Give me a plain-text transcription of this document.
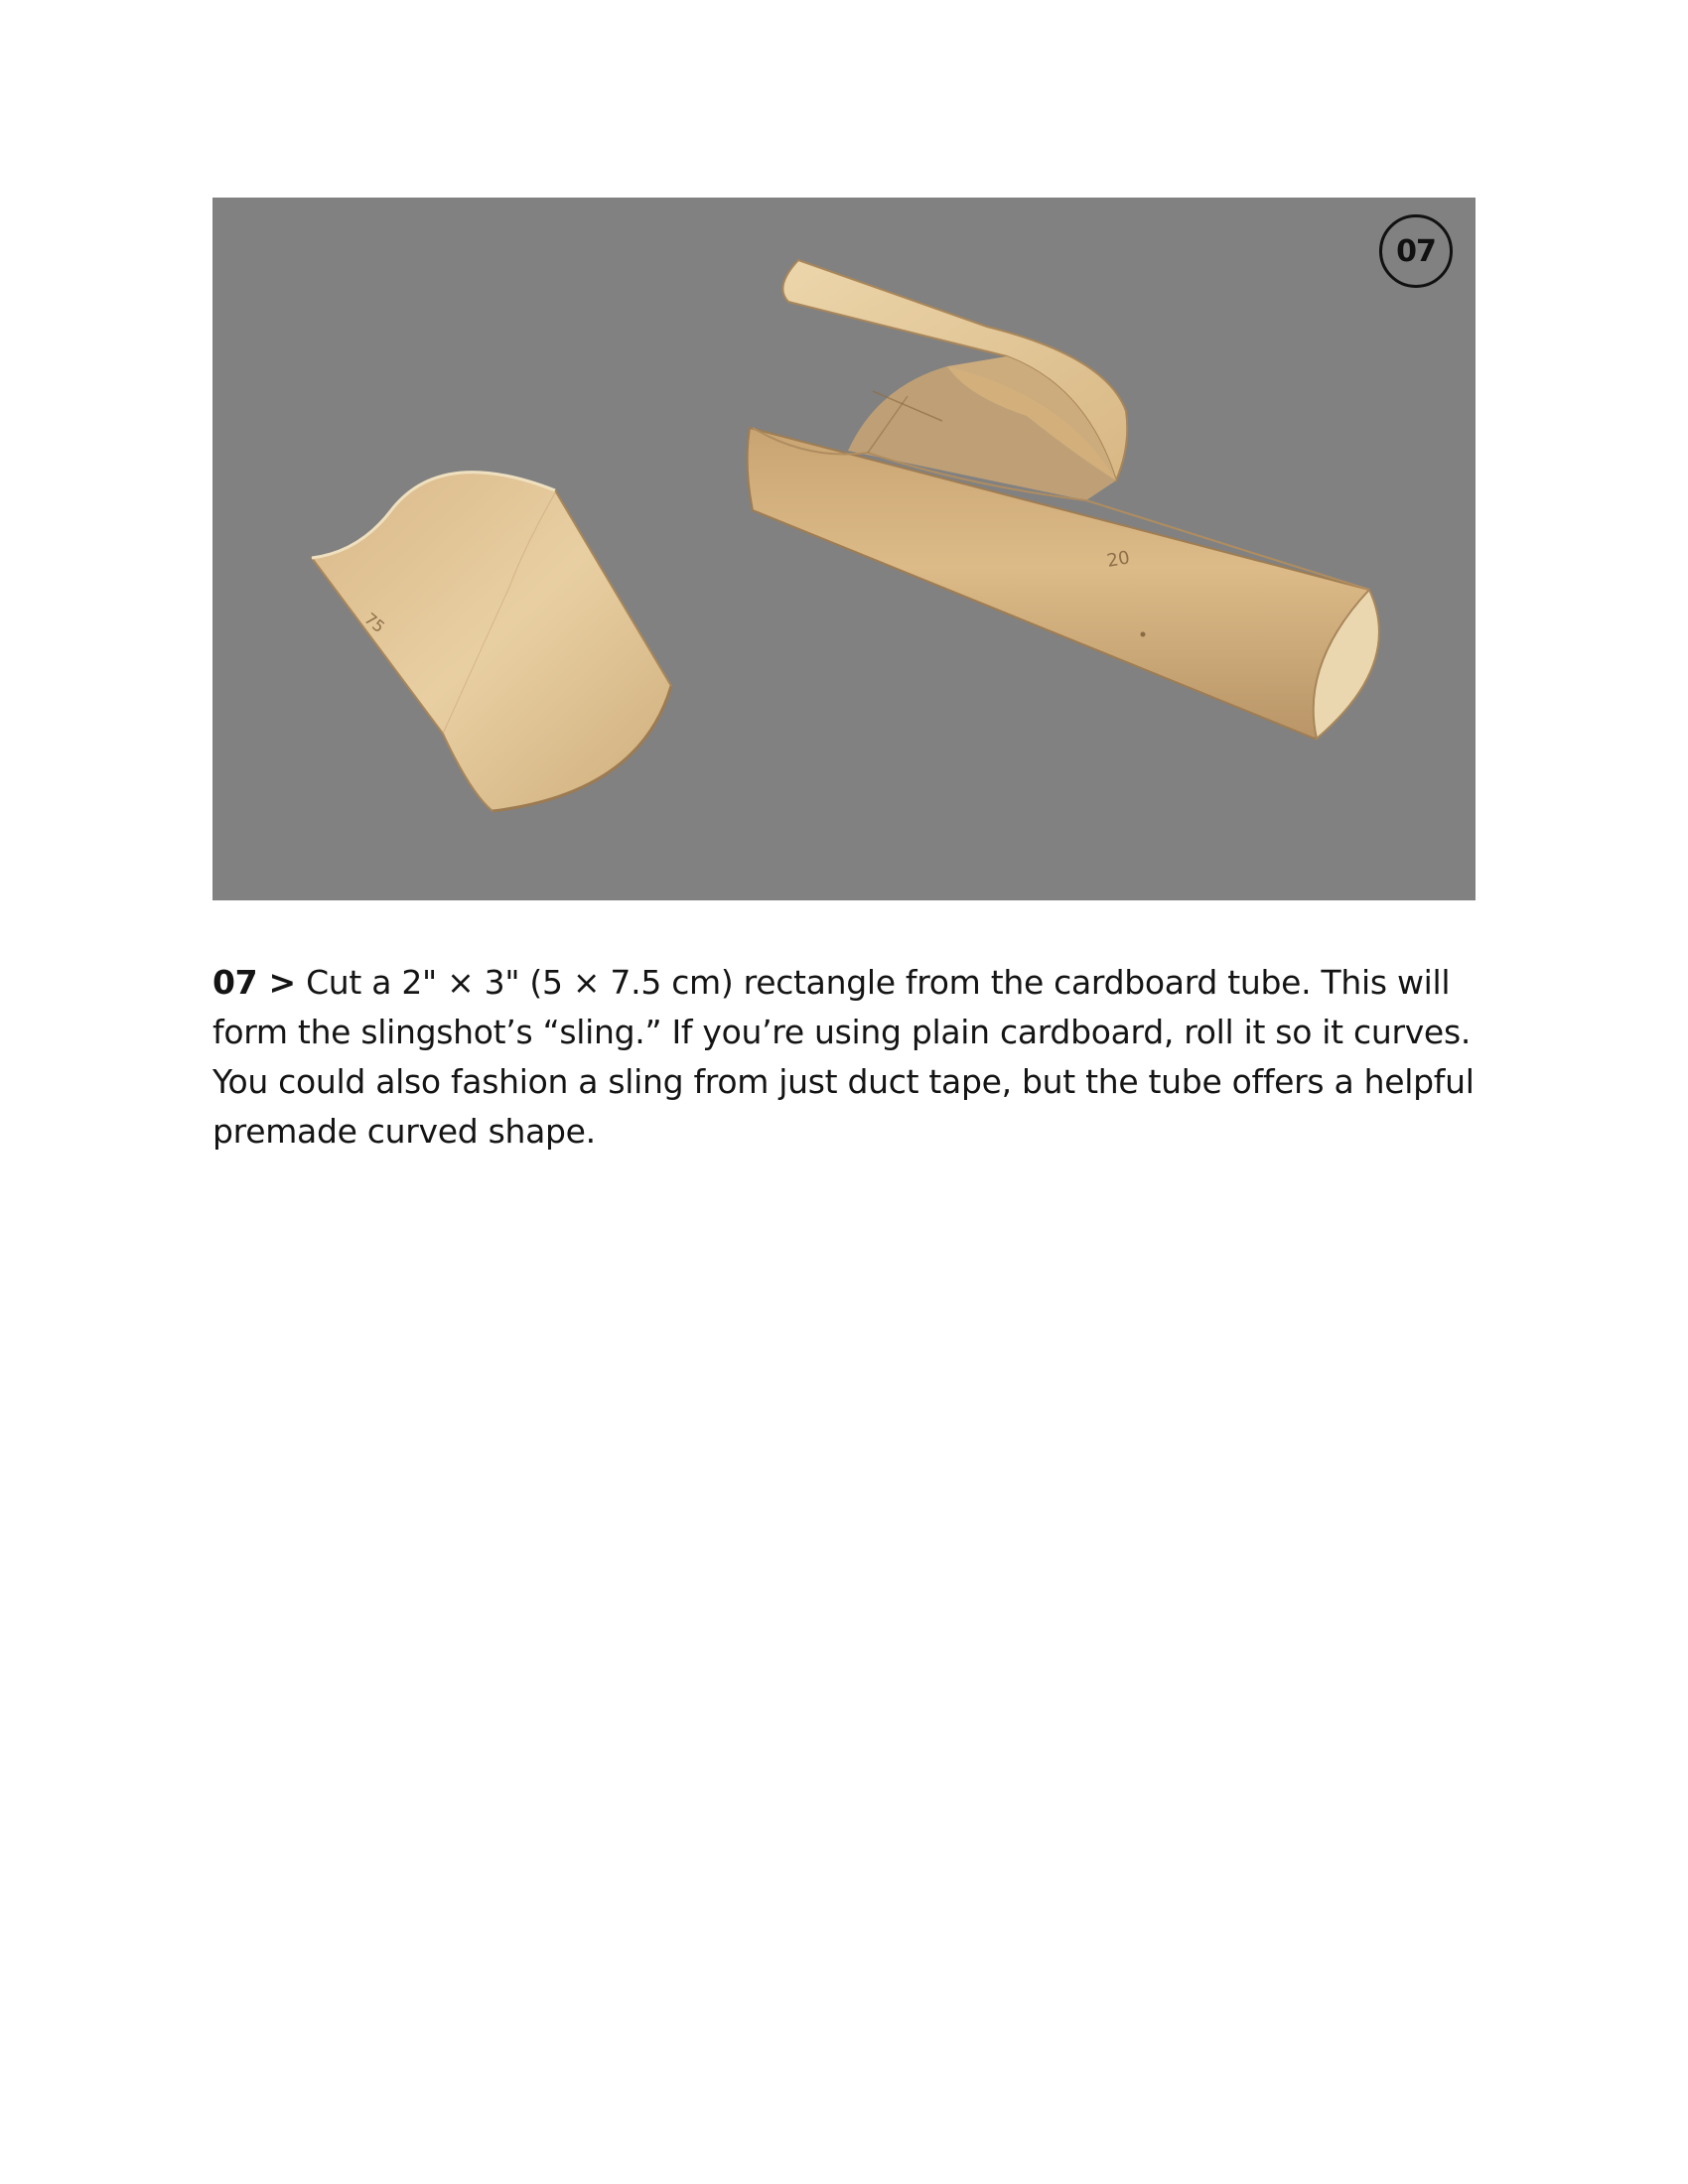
75
20
07

07 > Cut a 2" × 3" (5 × 7.5 cm) rectangle from the cardboard tube. This will form the slingshot’s “sling.” If you’re using plain cardboard, roll it so it curves. You could also fashion a sling from just duct tape, but the tube offers a helpful premade curved shape.
